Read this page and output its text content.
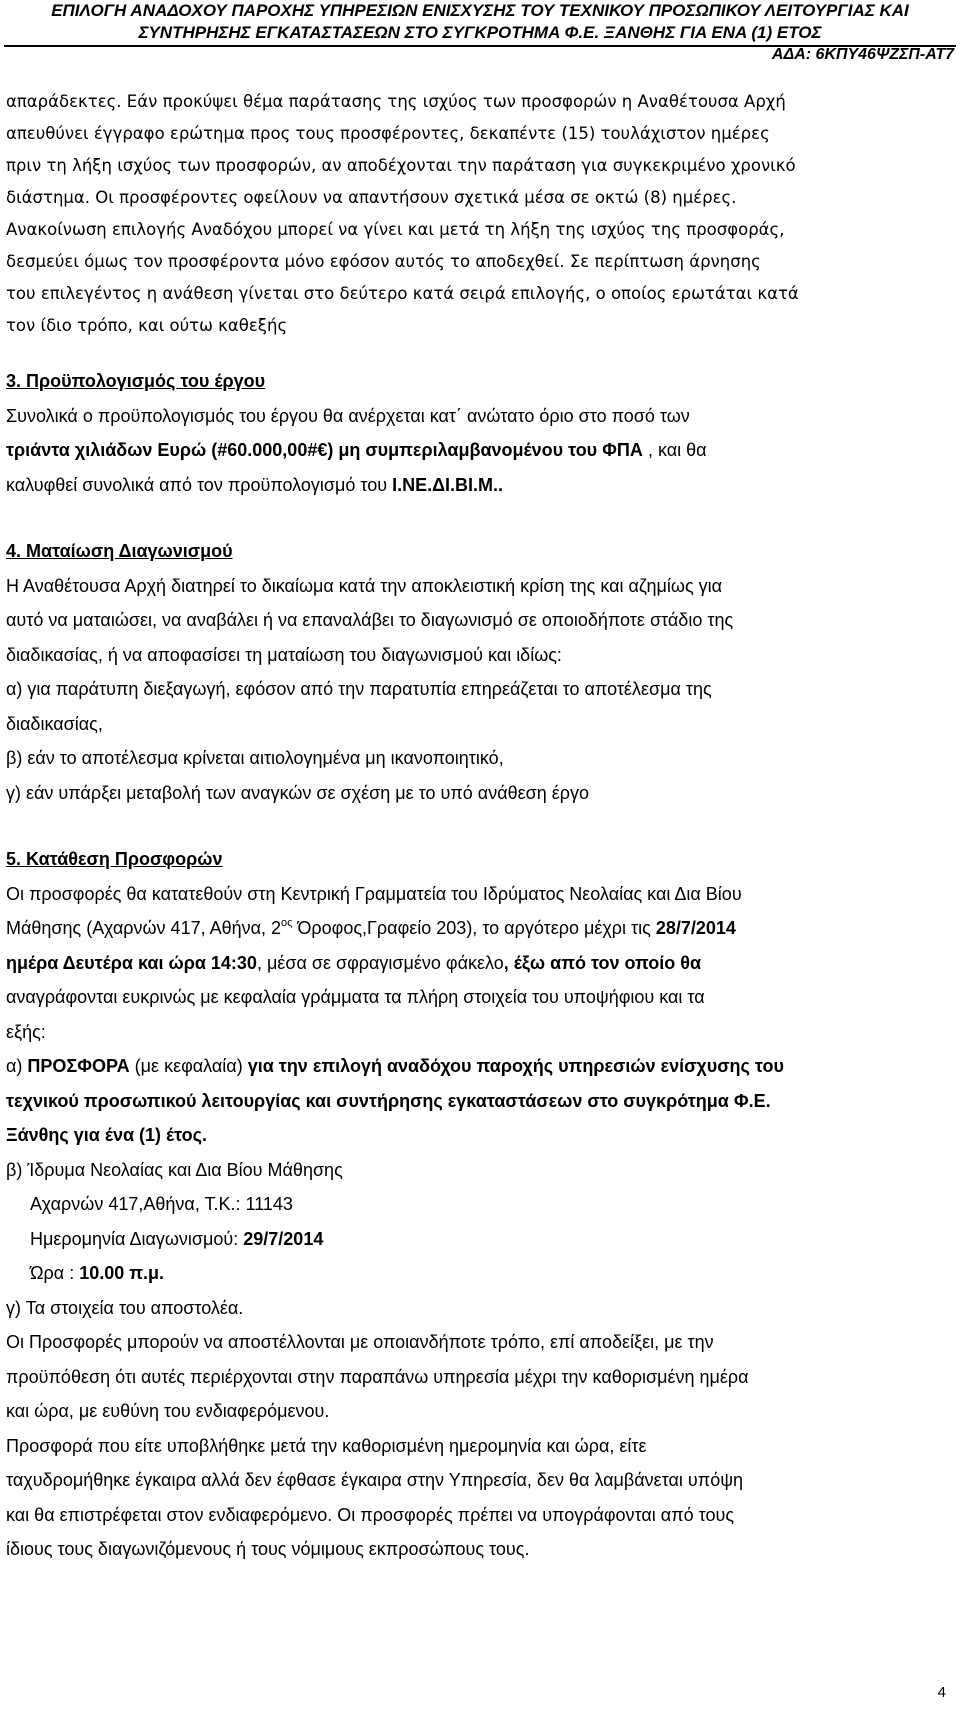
ΕΠΙΛΟΓΗ ΑΝΑΔΟΧΟΥ ΠΑΡΟΧΗΣ ΥΠΗΡΕΣΙΩΝ ΕΝΙΣΧΥΣΗΣ ΤΟΥ ΤΕΧΝΙΚΟΥ ΠΡΟΣΩΠΙΚΟΥ ΛΕΙΤΟΥΡΓΙΑΣ ΚΑΙ
ΣΥΝΤΗΡΗΣΗΣ ΕΓΚΑΤΑΣΤΑΣΕΩΝ ΣΤΟ ΣΥΓΚΡΟΤΗΜΑ Φ.Ε. ΞΑΝΘΗΣ ΓΙΑ ΕΝΑ (1) ΕΤΟΣ
ΑΔΑ: 6ΚΠΥ46ΨΖΣΠ-ΑΤ7

απαράδεκτες. Εάν προκύψει θέμα παράτασης της ισχύος των προσφορών η Αναθέτουσα Αρχή

απευθύνει έγγραφο ερώτημα προς τους προσφέροντες, δεκαπέντε (15) τουλάχιστον ημέρες

πριν τη λήξη ισχύος των προσφορών, αν αποδέχονται την παράταση για συγκεκριμένο χρονικό

διάστημα. Οι προσφέροντες οφείλουν να απαντήσουν σχετικά μέσα σε οκτώ (8) ημέρες.

Ανακοίνωση επιλογής Αναδόχου μπορεί να γίνει και μετά τη λήξη της ισχύος της προσφοράς,

δεσμεύει όμως τον προσφέροντα μόνο εφόσον αυτός το αποδεχθεί. Σε περίπτωση άρνησης

του επιλεγέντος η ανάθεση γίνεται στο δεύτερο κατά σειρά επιλογής, ο οποίος ερωτάται κατά

τον ίδιο τρόπο, και ούτω καθεξής

3. Προϋπολογισμός του έργου

Συνολικά ο προϋπολογισμός του έργου θα ανέρχεται κατ΄ ανώτατο όριο στο ποσό των

τριάντα χιλιάδων Ευρώ (#60.000,00#€) μη συμπεριλαμβανομένου του ΦΠΑ , και θα

καλυφθεί συνολικά από τον προϋπολογισμό του Ι.ΝΕ.ΔΙ.ΒΙ.Μ..

4. Ματαίωση Διαγωνισμού

Η Αναθέτουσα Αρχή διατηρεί το δικαίωμα κατά την αποκλειστική κρίση της και αζημίως για

αυτό να ματαιώσει, να αναβάλει ή να επαναλάβει το διαγωνισμό σε οποιοδήποτε στάδιο της

διαδικασίας, ή να αποφασίσει τη ματαίωση του διαγωνισμού και ιδίως:

α) για παράτυπη διεξαγωγή, εφόσον από την παρατυπία επηρεάζεται το αποτέλεσμα της

διαδικασίας,

β) εάν το αποτέλεσμα κρίνεται αιτιολογημένα μη ικανοποιητικό,

γ) εάν υπάρξει μεταβολή των αναγκών σε σχέση με το υπό ανάθεση έργο

5. Κατάθεση Προσφορών

Οι προσφορές θα κατατεθούν στη Κεντρική Γραμματεία του Ιδρύματος Νεολαίας και Δια Βίου

Μάθησης (Αχαρνών 417, Αθήνα, $2^{o\varsigma}$ Όροφος,Γραφείο 203), το αργότερο μέχρι τις 28/7/2014

ημέρα Δευτέρα και ώρα 14:30, μέσα σε σφραγισμένο φάκελο, έξω από τον οποίο θα

αναγράφονται ευκρινώς με κεφαλαία γράμματα τα πλήρη στοιχεία του υποψήφιου και τα

εξής:

α) ΠΡΟΣΦΟΡΑ (με κεφαλαία) για την επιλογή αναδόχου παροχής υπηρεσιών ενίσχυσης του

τεχνικού προσωπικού λειτουργίας και συντήρησης εγκαταστάσεων στο συγκρότημα Φ.Ε.

Ξάνθης για ένα (1) έτος.

β) Ίδρυμα Νεολαίας και Δια Βίου Μάθησης

Αχαρνών 417,Αθήνα, Τ.Κ.: 11143

Ημερομηνία Διαγωνισμού: 29/7/2014

Ώρα : 10.00 π.μ.

γ) Τα στοιχεία του αποστολέα.

Οι Προσφορές μπορούν να αποστέλλονται με οποιανδήποτε τρόπο, επί αποδείξει, με την

προϋπόθεση ότι αυτές περιέρχονται στην παραπάνω υπηρεσία μέχρι την καθορισμένη ημέρα

και ώρα, με ευθύνη του ενδιαφερόμενου.

Προσφορά που είτε υποβλήθηκε μετά την καθορισμένη ημερομηνία και ώρα, είτε

ταχυδρομήθηκε έγκαιρα αλλά δεν έφθασε έγκαιρα στην Υπηρεσία, δεν θα λαμβάνεται υπόψη

και θα επιστρέφεται στον ενδιαφερόμενο. Οι προσφορές πρέπει να υπογράφονται από τους

ίδιους τους διαγωνιζόμενους ή τους νόμιμους εκπροσώπους τους.

4
